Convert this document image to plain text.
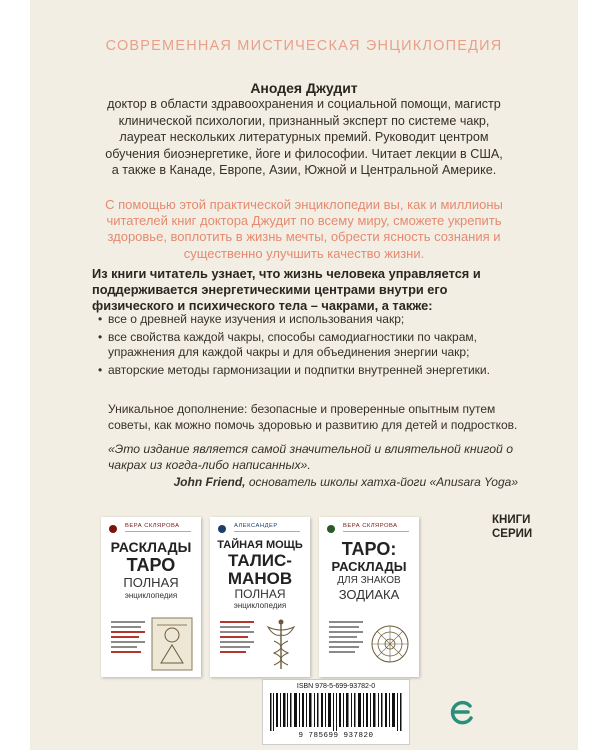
СОВРЕМЕННАЯ МИСТИЧЕСКАЯ ЭНЦИКЛОПЕДИЯ
Анодея Джудит
доктор в области здравоохранения и социальной помощи, магистр клинической психологии, признанный эксперт по системе чакр, лауреат нескольких литературных премий. Руководит центром обучения биоэнергетике, йоге и философии. Читает лекции в США, а также в Канаде, Европе, Азии, Южной и Центральной Америке.
С помощью этой практической энциклопедии вы, как и миллионы читателей книг доктора Джудит по всему миру, сможете укрепить здоровье, воплотить в жизнь мечты, обрести ясность сознания и существенно улучшить качество жизни.
Из книги читатель узнает, что жизнь человека управляется и поддерживается энергетическими центрами внутри его физического и психического тела – чакрами, а также:
• все о древней науке изучения и использования чакр;
• все свойства каждой чакры, способы самодиагностики по чакрам, упражнения для каждой чакры и для объединения энергии чакр;
• авторские методы гармонизации и подпитки внутренней энергетики.
Уникальное дополнение: безопасные и проверенные опытным путем советы, как можно помочь здоровью и развитию для детей и подростков.
«Это издание является самой значительной и влиятельной книгой о чакрах из когда-либо написанных».
John Friend, основатель школы хатха-йоги «Anusara Yoga»
ВЕРА СКЛЯРОВА
РАСКЛАДЫ
ТАРО
ПОЛНАЯ
энциклопедия
АЛЕКСАНДЕР
ТАЙНАЯ МОЩЬ
ТАЛИС-
МАНОВ
ПОЛНАЯ
энциклопедия
ВЕРА СКЛЯРОВА
ТАРО:
РАСКЛАДЫ
ДЛЯ ЗНАКОВ
ЗОДИАКА
КНИГИ СЕРИИ
ISBN 978-5-699-93782-0
9 785699 937820
